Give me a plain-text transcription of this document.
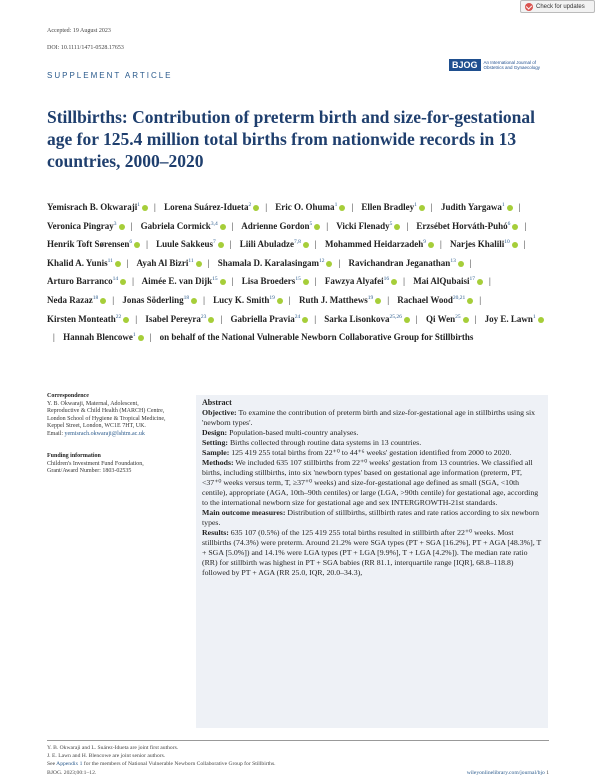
Accepted: 19 August 2023
DOI: 10.1111/1471-0528.17653
Check for updates
SUPPLEMENT ARTICLE
BJOG	An International Journal of Obstetrics and Gynaecology
Stillbirths: Contribution of preterm birth and size-for-gestational age for 125.4 million total births from nationwide records in 13 countries, 2000–2020
Yemisrach B. Okwaraji$^1$ | Lorena Suárez-Idueta$^2$ | Eric O. Ohuma$^1$ | Ellen Bradley$^1$ | Judith Yargawa$^1$ | Veronica Pingray$^3$ | Gabriela Cormick$^{3,4}$ | Adrienne Gordon$^5$ | Vicki Flenady$^5$ | Erzsébet Horváth-Puhó$^6$ | Henrik Toft Sørensen$^6$ | Luule Sakkeus$^7$ | Liili Abuladze$^{7,8}$ | Mohammed Heidarzadeh$^9$ | Narjes Khalili$^{10}$ | Khalid A. Yunis$^{11}$ | Ayah Al Bizri$^{11}$ | Shamala D. Karalasingam$^{12}$ | Ravichandran Jeganathan$^{13}$ | Arturo Barranco$^{14}$ | Aimée E. van Dijk$^{15}$ | Lisa Broeders$^{15}$ | Fawzya Alyafei$^{16}$ | Mai AlQubaisi$^{17}$ | Neda Razaz$^{18}$ | Jonas Söderling$^{18}$ | Lucy K. Smith$^{19}$ | Ruth J. Matthews$^{19}$ | Rachael Wood$^{20,21}$ | Kirsten Monteath$^{22}$ | Isabel Pereyra$^{23}$ | Gabriella Pravia$^{24}$ | Sarka Lisonkova$^{25,26}$ | Qi Wen$^{25}$ | Joy E. Lawn$^1$| Hannah Blencowe$^1$ | on behalf of the National Vulnerable Newborn Collaborative Group for Stillbirths
Correspondence
Y. B. Okwaraji, Maternal, Adolescent,
Reproductive & Child Health (MARCH) Centre,
London School of Hygiene & Tropical Medicine,
Keppel Street, London, WC1E 7HT, UK.
Email: yemisrach.okwaraji@lshtm.ac.uk
Funding information
Children's Investment Fund Foundation,
Grant/Award Number: 1803-02535
Abstract
Objective: To examine the contribution of preterm birth and size-for-gestational age in stillbirths using six 'newborn types'.
Design: Population-based multi-country analyses.
Setting: Births collected through routine data systems in 13 countries.
Sample: 125 419 255 total births from 22⁺⁰ to 44⁺⁶ weeks' gestation identified from 2000 to 2020.
Methods: We included 635 107 stillbirths from 22⁺⁰ weeks' gestation from 13 countries. We classified all births, including stillbirths, into six 'newborn types' based on gestational age information (preterm, PT, <37⁺⁰ weeks versus term, T, ≥37⁺⁰ weeks) and size-for-gestational age defined as small (SGA, <10th centile), appropriate (AGA, 10th–90th centiles) or large (LGA, >90th centile) for gestational age, according to the international newborn size for gestational age and sex INTERGROWTH-21st standards.
Main outcome measures: Distribution of stillbirths, stillbirth rates and rate ratios according to six newborn types.
Results: 635 107 (0.5%) of the 125 419 255 total births resulted in stillbirth after 22⁺⁰ weeks. Most stillbirths (74.3%) were preterm. Around 21.2% were SGA types (PT + SGA [16.2%], PT + AGA [48.3%], T + SGA [5.0%]) and 14.1% were LGA types (PT + LGA [9.9%], T + LGA [4.2%]). The median rate ratio (RR) for stillbirth was highest in PT + SGA babies (RR 81.1, interquartile range [IQR], 68.8–118.8) followed by PT + AGA (RR 25.0, IQR, 20.0–34.3),
Y. B. Okwaraji and L. Suárez-Idueta are joint first authors.
J. E. Lawn and H. Blencowe are joint senior authors.
See Appendix 1 for the members of National Vulnerable Newborn Collaborative Group for Stillbirths.
BJOG. 2023;00:1–12.	wileyonlinelibrary.com/journal/bjo 1
